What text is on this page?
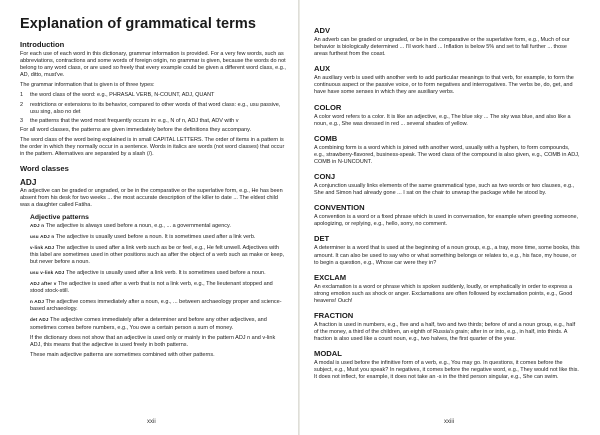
Explanation of grammatical terms
Introduction

For each use of each word in this dictionary, grammar information is provided. For a very few words, such as abbreviations, contractions and some words of foreign origin, no grammar is given, because the words do not belong to any word class, or are used so freely that every example could be given a different word class, e.g., AD, ditto, must've.

The grammar information that is given is of three types:

1	the word class of the word: e.g., PHRASAL VERB, N-COUNT, ADJ, QUANT
2	restrictions or extensions to its behavior, compared to other words of that word class: e.g., usu passive, usu sing, also no det
3	the patterns that the word most frequently occurs in: e.g., N of n, ADJ that, ADV with v

For all word classes, the patterns are given immediately before the definitions they accompany.

The word class of the word being explained is in small CAPITAL LETTERS. The order of items in a pattern is the order in which they normally occur in a sentence. Words in italics are words (not word classes) that occur in the pattern. Alternatives are separated by a slash (/).

Word classes
ADJ

An adjective can be graded or ungraded, or be in the comparative or the superlative form, e.g., He has been absent from his desk for two weeks ... the most accurate description of the killer to date ... The eldest child was a daughter called Fatiha.

Adjective patterns

ADJ n The adjective is always used before a noun, e.g., ... a governmental agency.

usu ADJ n The adjective is usually used before a noun. It is sometimes used after a link verb.

v-link ADJ The adjective is used after a link verb such as be or feel, e.g., He felt unwell. Adjectives with this label are sometimes used in other positions such as after the object of a verb such as make or keep, but never before a noun.

usu v-link ADJ The adjective is usually used after a link verb. It is sometimes used before a noun.

ADJ after v The adjective is used after a verb that is not a link verb, e.g., The lieutenant stopped and stood stock-still.

n ADJ The adjective comes immediately after a noun, e.g., ... between archaeology proper and science-based archaeology.

det ADJ The adjective comes immediately after a determiner and before any other adjectives, and sometimes comes before numbers, e.g., You owe a certain person a sum of money.

If the dictionary does not show that an adjective is used only or mainly in the pattern ADJ n and v-link ADJ, this means that the adjective is used freely in both patterns.

These main adjective patterns are sometimes combined with other patterns.

xxii
ADV

An adverb can be graded or ungraded, or be in the comparative or the superlative form, e.g., Much of our behavior is biologically determined ... I'll work hard ... Inflation is below 5% and set to fall further ... those areas furthest from the coast.

AUX

An auxiliary verb is used with another verb to add particular meanings to that verb, for example, to form the continuous aspect or the passive voice, or to form negatives and interrogatives. The verbs be, do, get, and have have some senses in which they are auxiliary verbs.

COLOR

A color word refers to a color. It is like an adjective, e.g., The blue sky ... The sky was blue, and also like a noun, e.g., She was dressed in red ... several shades of yellow.

COMB

A combining form is a word which is joined with another word, usually with a hyphen, to form compounds, e.g., strawberry-flavored, business-speak. The word class of the compound is also given, e.g., COMB in ADJ, COMB in N-UNCOUNT.

CONJ

A conjunction usually links elements of the same grammatical type, such as two words or two clauses, e.g., She and Simon had already gone ... I sat on the chair to unwrap the package while he stood by.

CONVENTION

A convention is a word or a fixed phrase which is used in conversation, for example when greeting someone, apologizing, or replying, e.g., hello, sorry, no comment.

DET

A determiner is a word that is used at the beginning of a noun group, e.g., a tray, more time, some books, this amount. It can also be used to say who or what something belongs or relates to, e.g., his face, my house, or to begin a question, e.g., Whose car were they in?

EXCLAM

An exclamation is a word or phrase which is spoken suddenly, loudly, or emphatically in order to express a strong emotion such as shock or anger. Exclamations are often followed by exclamation points, e.g., Good heavens! Ouch!

FRACTION

A fraction is used in numbers, e.g., five and a half, two and two thirds; before of and a noun group, e.g., half of the money, a third of the children, an eighth of Russia's grain; after in or into, e.g., in half, into thirds. A fraction is also used like a count noun, e.g., two halves, the first quarter of the year.

MODAL

A modal is used before the infinitive form of a verb, e.g., You may go. In questions, it comes before the subject, e.g., Must you speak? In negatives, it comes before the negative word, e.g., They would not like this. It does not inflect, for example, it does not take an -s in the third person singular, e.g., She can swim.

xxiii
